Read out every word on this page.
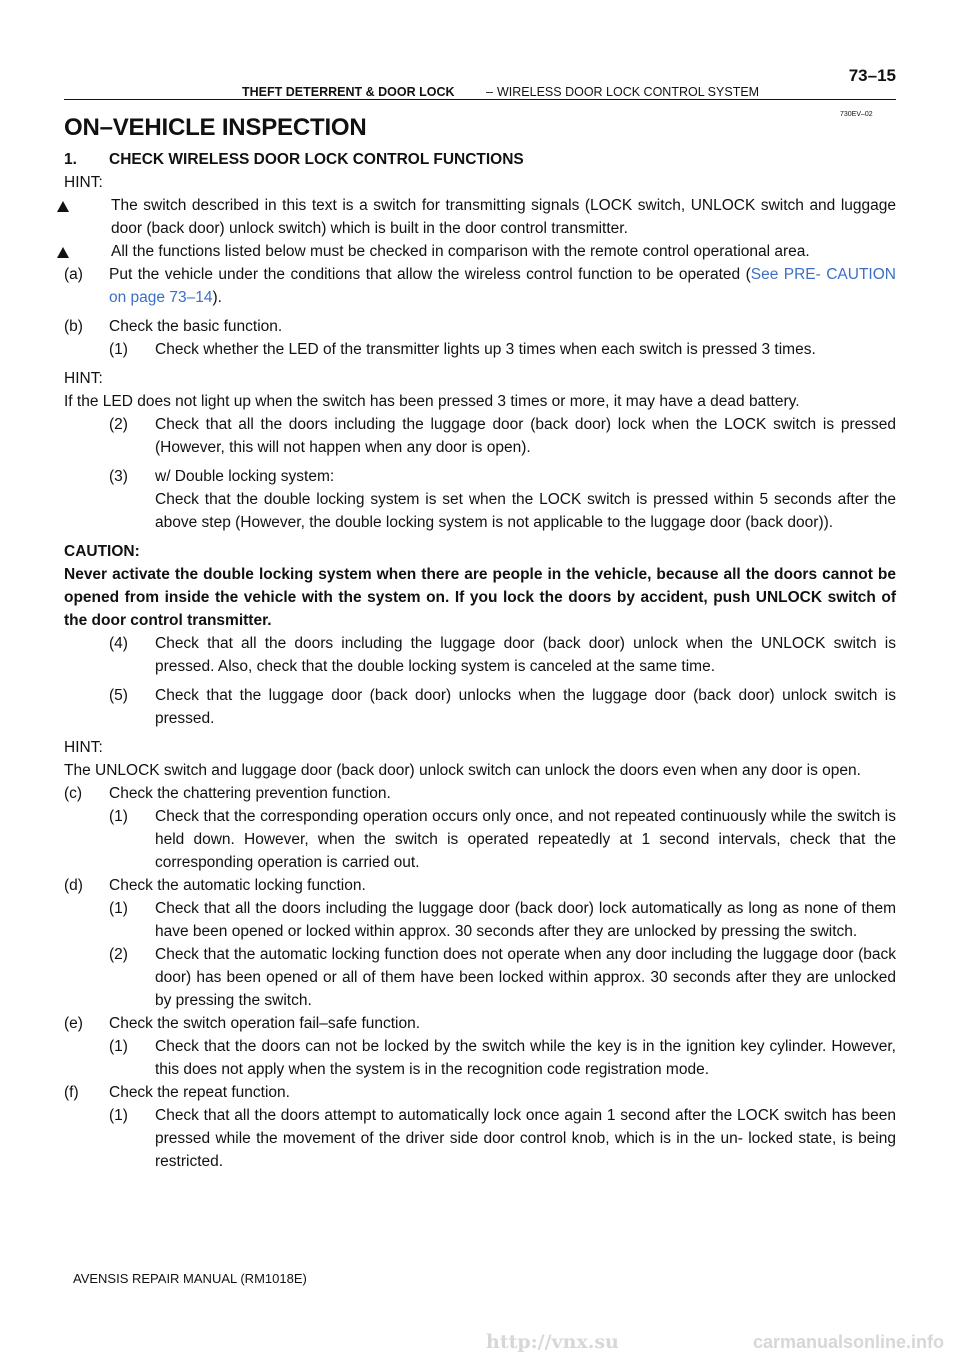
73–15
THEFT DETERRENT & DOOR LOCK	– WIRELESS DOOR LOCK CONTROL SYSTEM
730EV–02
ON–VEHICLE INSPECTION
1. CHECK WIRELESS DOOR LOCK CONTROL FUNCTIONS
HINT:
The switch described in this text is a switch for transmitting signals (LOCK switch, UNLOCK switch and luggage door (back door) unlock switch) which is built in the door control transmitter.
All the functions listed below must be checked in comparison with the remote control operational area.
(a) Put the vehicle under the conditions that allow the wireless control function to be operated (See PRE- CAUTION on page 73–14).
(b) Check the basic function.
(1) Check whether the LED of the transmitter lights up 3 times when each switch is pressed 3 times.
HINT:
If the LED does not light up when the switch has been pressed 3 times or more, it may have a dead battery.
(2) Check that all the doors including the luggage door (back door) lock when the LOCK switch is pressed (However, this will not happen when any door is open).
(3) w/ Double locking system:
Check that the double locking system is set when the LOCK switch is pressed within 5 seconds after the above step (However, the double locking system is not applicable to the luggage door (back door)).
CAUTION:
Never activate the double locking system when there are people in the vehicle, because all the doors cannot be opened from inside the vehicle with the system on. If you lock the doors by accident, push UNLOCK switch of the door control transmitter.
(4) Check that all the doors including the luggage door (back door) unlock when the UNLOCK switch is pressed. Also, check that the double locking system is canceled at the same time.
(5) Check that the luggage door (back door) unlocks when the luggage door (back door) unlock switch is pressed.
HINT:
The UNLOCK switch and luggage door (back door) unlock switch can unlock the doors even when any door is open.
(c) Check the chattering prevention function.
(1) Check that the corresponding operation occurs only once, and not repeated continuously while the switch is held down. However, when the switch is operated repeatedly at 1 second intervals, check that the corresponding operation is carried out.
(d) Check the automatic locking function.
(1) Check that all the doors including the luggage door (back door) lock automatically as long as none of them have been opened or locked within approx. 30 seconds after they are unlocked by pressing the switch.
(2) Check that the automatic locking function does not operate when any door including the luggage door (back door) has been opened or all of them have been locked within approx. 30 seconds after they are unlocked by pressing the switch.
(e) Check the switch operation fail–safe function.
(1) Check that the doors can not be locked by the switch while the key is in the ignition key cylinder. However, this does not apply when the system is in the recognition code registration mode.
(f) Check the repeat function.
(1) Check that all the doors attempt to automatically lock once again 1 second after the LOCK switch has been pressed while the movement of the driver side door control knob, which is in the un- locked state, is being restricted.
AVENSIS REPAIR MANUAL (RM1018E)
http://vnx.su	carmanualsonline.info
